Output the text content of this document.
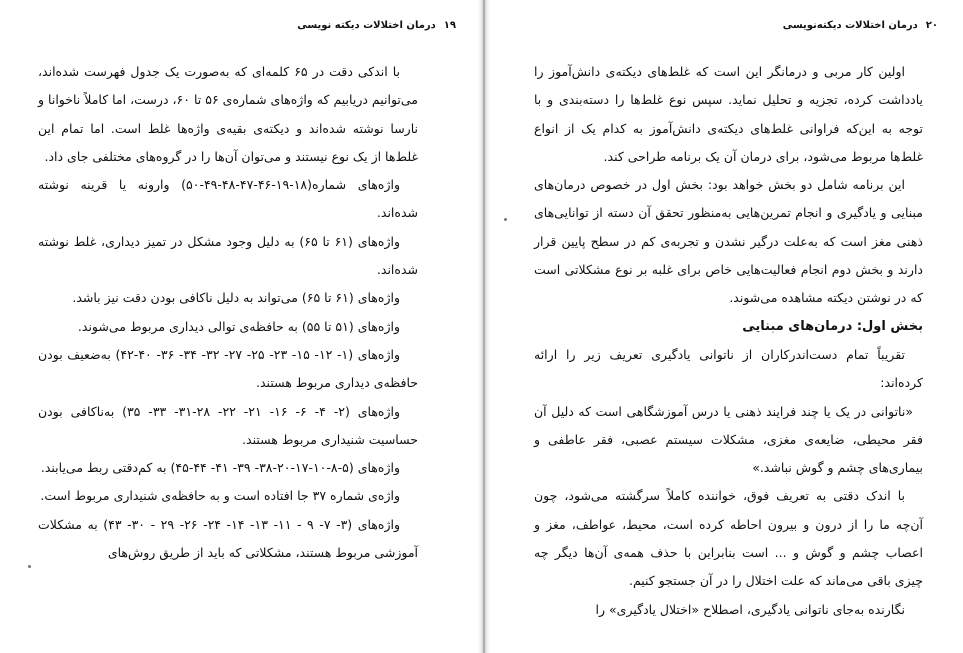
درمان اختلالات دیکته نویسی ۱۹

با اندکی دقت در ۶۵ کلمه‌ای که به‌صورت یک جدول فهرست شده‌اند، می‌توانیم دریابیم که واژه‌های شماره‌ی ۵۶ تا ۶۰، درست، اما کاملاً ناخوانا و نارسا نوشته شده‌اند و دیکته‌ی بقیه‌ی واژه‌ها غلط است. اما تمام این غلط‌ها از یک نوع نیستند و می‌توان آن‌ها را در گروه‌های مختلفی جای داد.

واژه‌های شماره(۱۸-۱۹-۴۶-۴۷-۴۸-۴۹-۵۰) وارونه یا قرینه نوشته شده‌اند.

واژه‌های (۶۱ تا ۶۵) به دلیل وجود مشکل در تمیز دیداری، غلط نوشته شده‌اند.

واژه‌های (۶۱ تا ۶۵) می‌تواند به دلیل ناکافی بودن دقت نیز باشد.

واژه‌های (۵۱ تا ۵۵) به حافظه‌ی توالی دیداری مربوط می‌شوند.

واژه‌های (۱- ۱۲- ۱۵- ۲۳- ۲۵- ۲۷- ۳۲- ۳۴- ۳۶- ۴۰-۴۲) به‌ضعیف بودن حافظه‌ی دیداری مربوط هستند.

واژه‌های (۲- ۴- ۶- ۱۶- ۲۱- ۲۲- ۲۸-۳۱- ۳۳- ۳۵) به‌ناکافی بودن حساسیت شنیداری مربوط هستند.

واژه‌های (۵-۸-۱۰-۱۷-۲۰-۳۸- ۳۹- ۴۱- ۴۴-۴۵) به کم‌دقتی ربط می‌یابند.

واژه‌ی شماره ۳۷ جا افتاده است و به حافظه‌ی شنیداری مربوط است.

واژه‌های (۳- ۷- ۹ - ۱۱- ۱۳- ۱۴- ۲۴- ۲۶- ۲۹ - ۳۰- ۴۳) به مشکلات آموزشی مربوط هستند، مشکلاتی که باید از طریق روش‌های

۲۰
درمان اختلالات دیکته‌نویسی

اولین کار مربی و درمانگر این است که غلط‌های دیکته‌ی دانش‌آموز را یادداشت کرده، تجزیه و تحلیل نماید. سپس نوع غلط‌ها را دسته‌بندی و با توجه به این‌که فراوانی غلط‌های دیکته‌ی دانش‌آموز به کدام یک از انواع غلط‌ها مربوط می‌شود، برای درمان آن یک برنامه طراحی کند.

این برنامه شامل دو بخش خواهد بود: بخش اول در خصوص درمان‌های مبنایی و یادگیری و انجام تمرین‌هایی به‌منظور تحقق آن دسته از توانایی‌های ذهنی مغز است که به‌علت درگیر نشدن و تجربه‌ی کم در سطح پایین قرار دارند و بخش دوم انجام فعالیت‌هایی خاص برای غلبه بر نوع مشکلاتی است که در نوشتن دیکته مشاهده می‌شوند.

بخش اول: درمان‌های مبنایی

تقریباً تمام دست‌اندرکاران از ناتوانی یادگیری تعریف زیر را ارائه کرده‌اند:

«ناتوانی در یک یا چند فرایند ذهنی یا درس آموزشگاهی است که دلیل آن فقر محیطی، ضایعه‌ی مغزی، مشکلات سیستم عصبی، فقر عاطفی و بیماری‌های چشم و گوش نباشد.»

با اندک دقتی به تعریف فوق، خواننده کاملاً سرگشته می‌شود، چون آن‌چه ما را از درون و بیرون احاطه کرده است، محیط، عواطف، مغز و اعصاب چشم و گوش و ... است بنابراین با حذف همه‌ی آن‌ها دیگر چه چیزی باقی می‌ماند که علت اختلال را در آن جستجو کنیم.

نگارنده به‌جای ناتوانی یادگیری، اصطلاح «اختلال یادگیری» را
